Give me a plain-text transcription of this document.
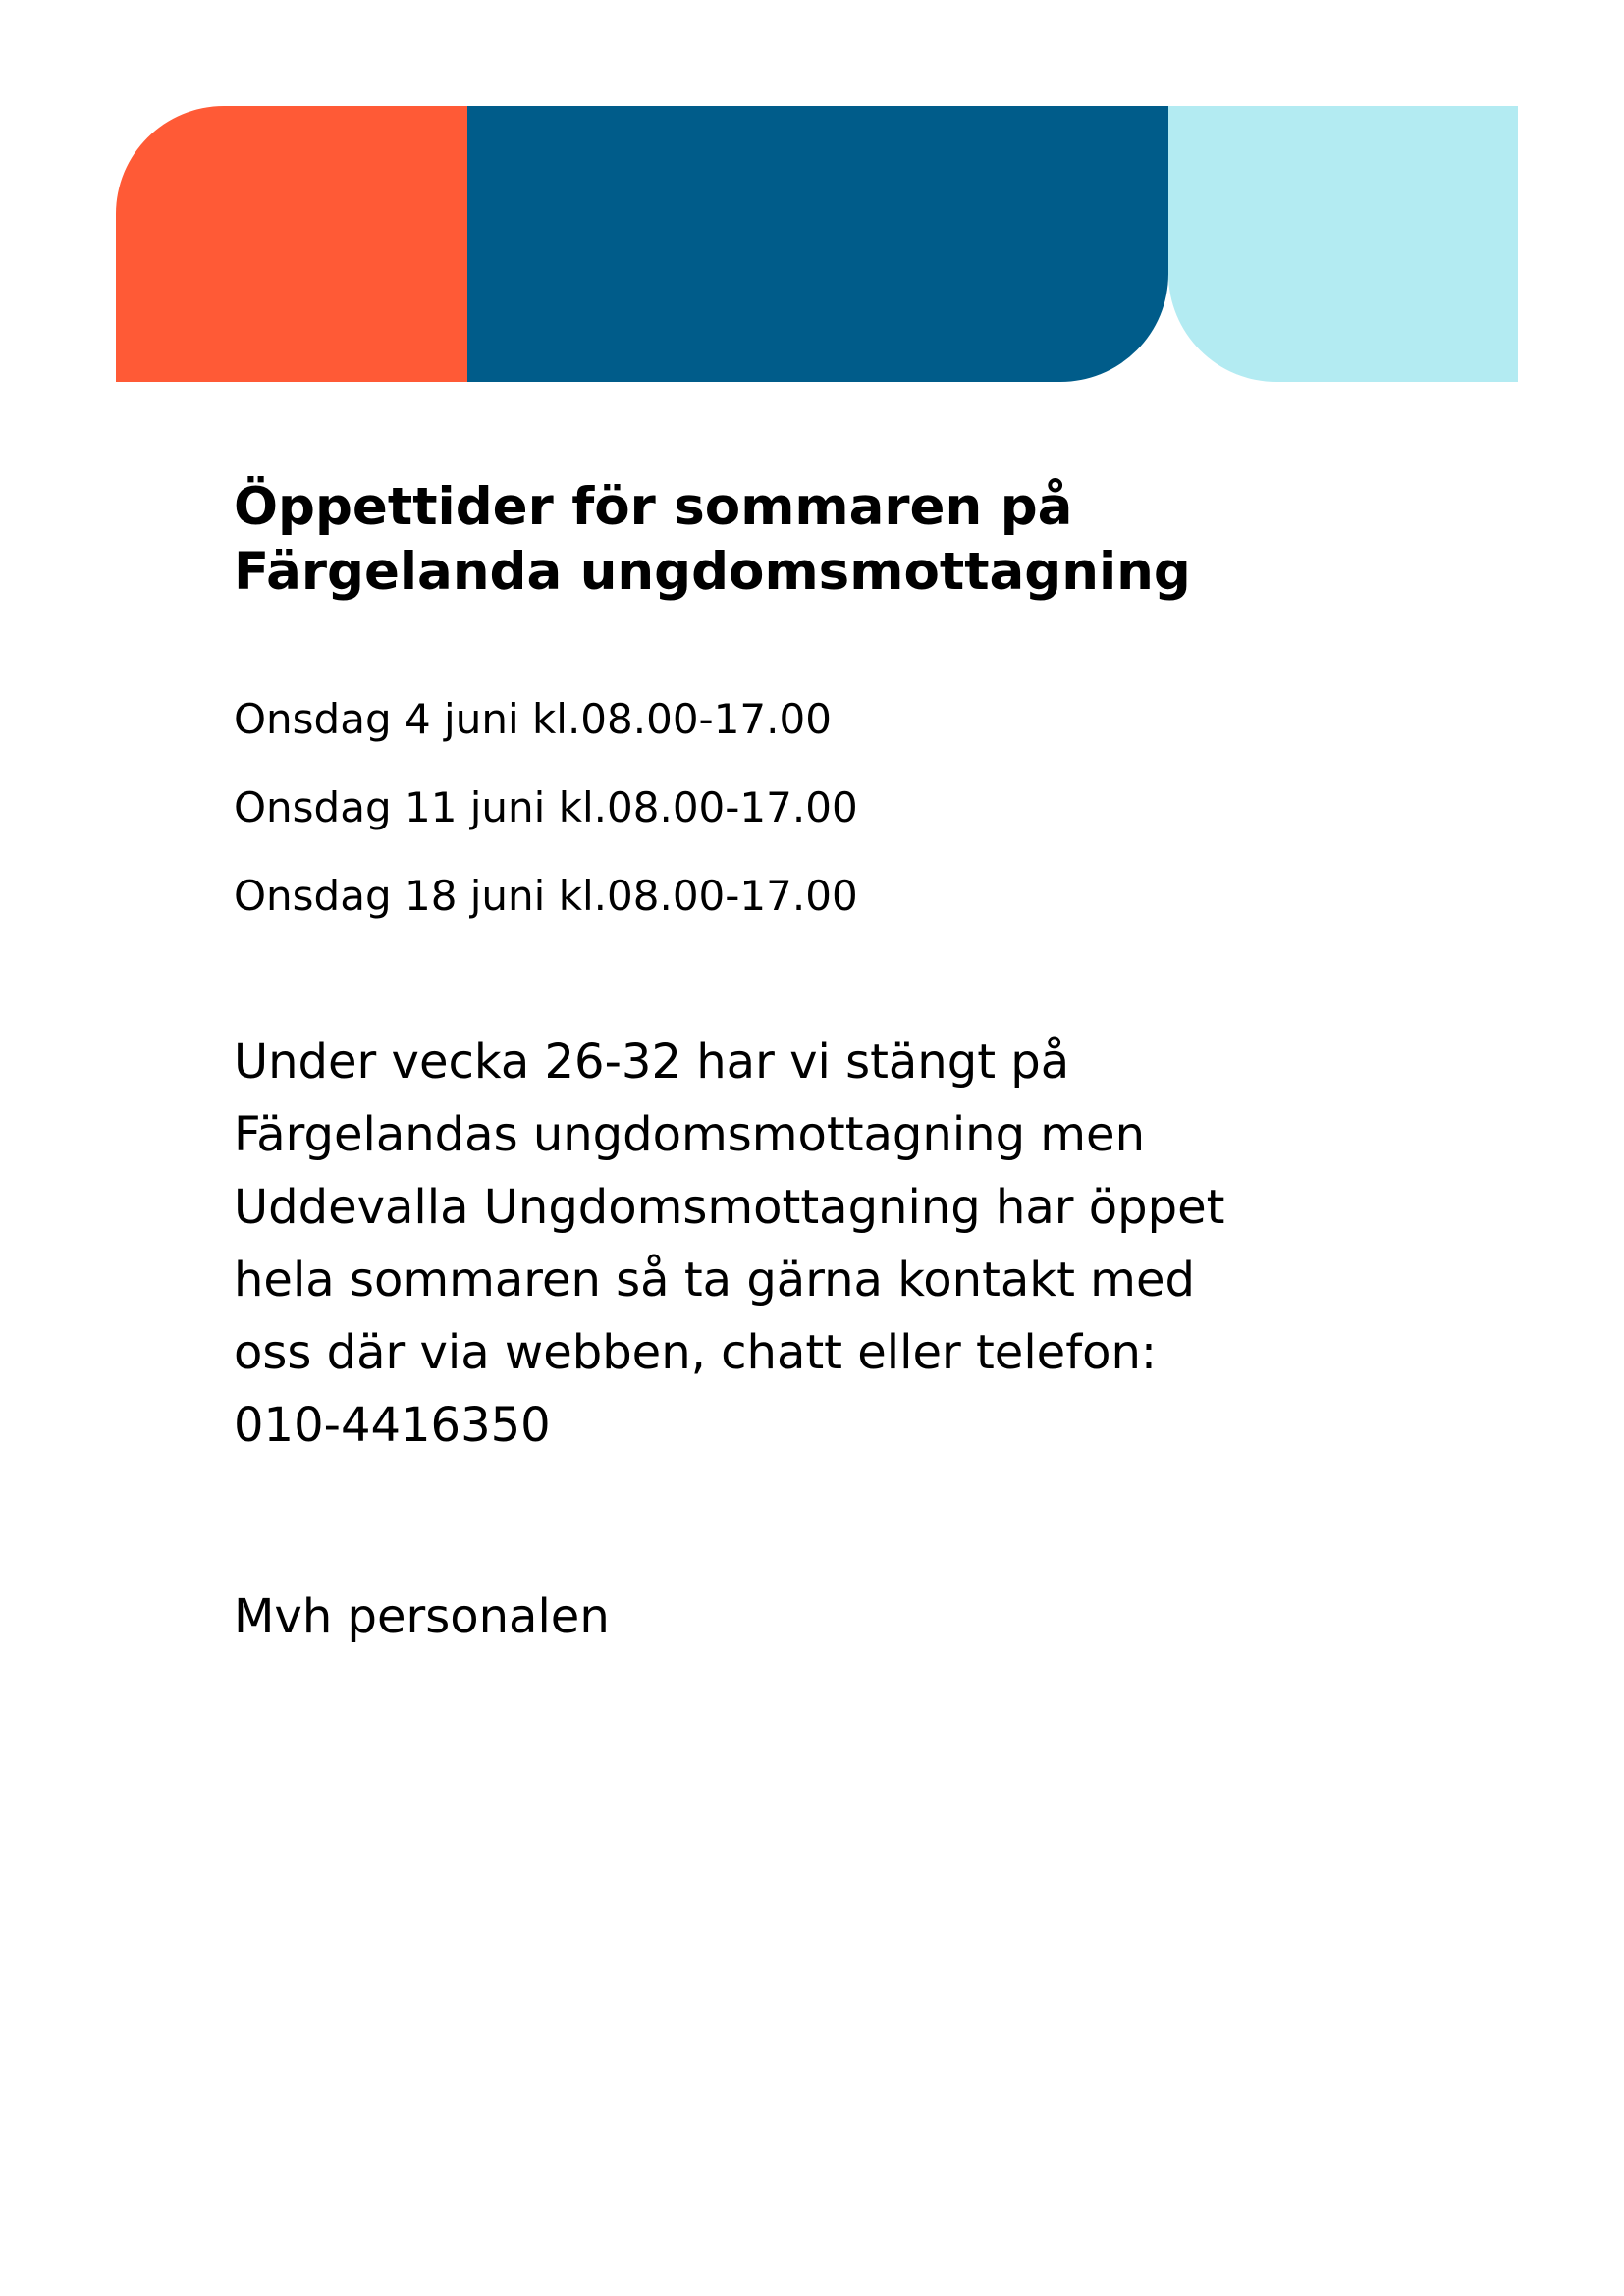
Öppettider för sommaren på
Färgelanda ungdomsmottagning
Onsdag 4 juni kl.08.00-17.00
Onsdag 11 juni kl.08.00-17.00
Onsdag 18 juni kl.08.00-17.00
Under vecka 26-32 har vi stängt på
Färgelandas ungdomsmottagning men
Uddevalla Ungdomsmottagning har öppet
hela sommaren så ta gärna kontakt med
oss där via webben, chatt eller telefon:
010-4416350
Mvh personalen
